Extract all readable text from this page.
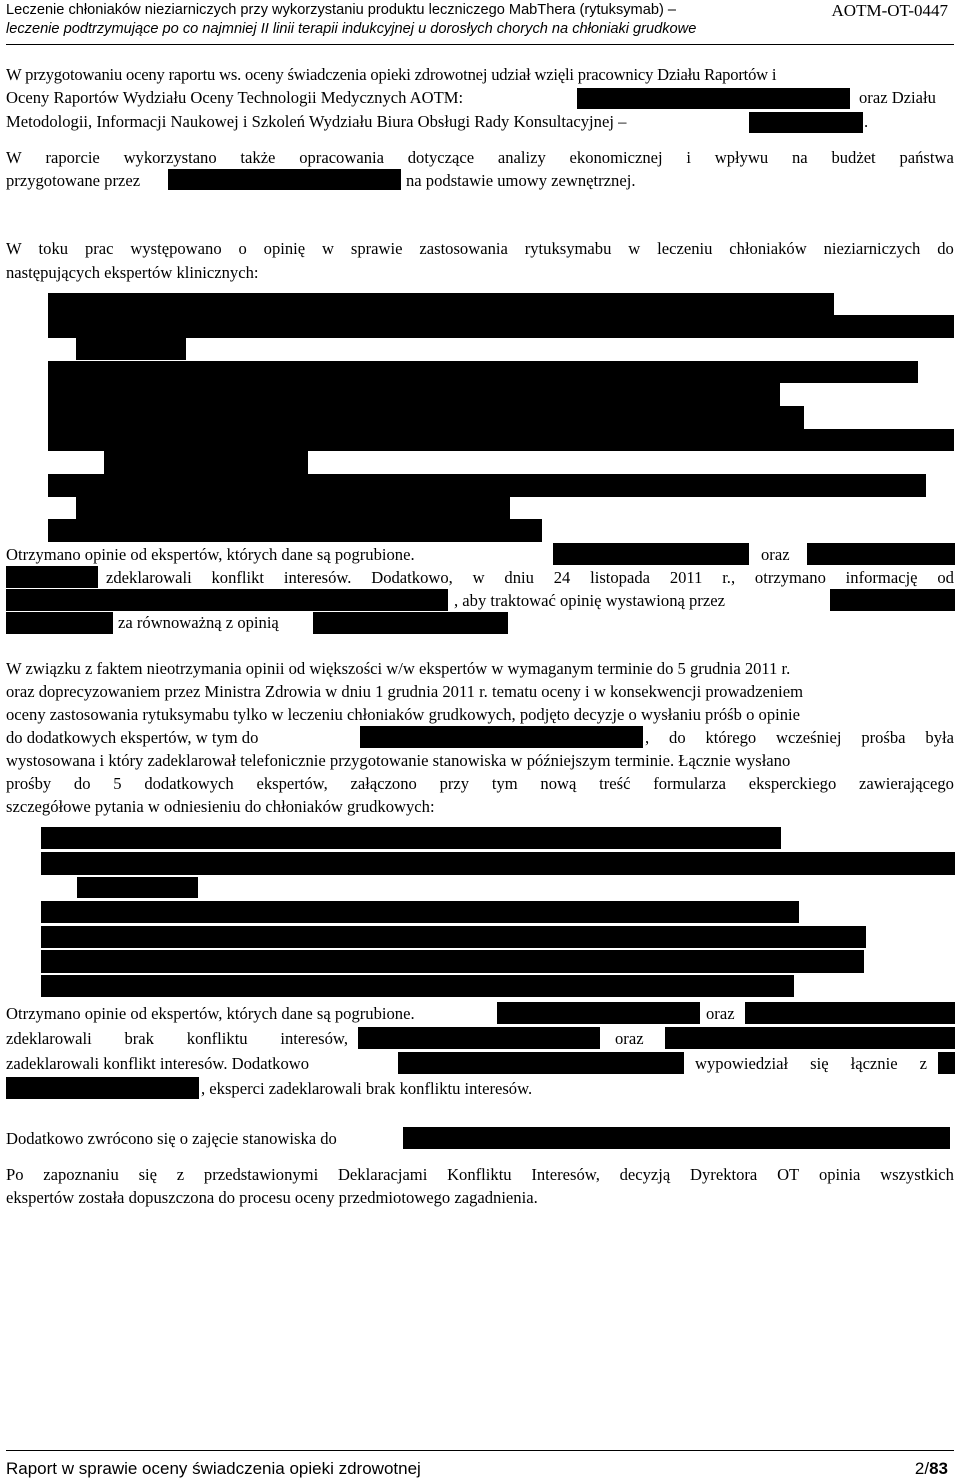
Leczenie chłoniaków nieziarniczych przy wykorzystaniu produktu leczniczego MabThera (rytuksymab) –
leczenie podtrzymujące po co najmniej II linii terapii indukcyjnej u dorosłych chorych na chłoniaki grudkowe
AOTM-OT-0447
W przygotowaniu oceny raportu ws. oceny świadczenia opieki zdrowotnej udział wzięli pracownicy Działu Raportów i
Oceny Raportów Wydziału Oceny Technologii Medycznych AOTM:	oraz Działu
Metodologii, Informacji Naukowej i Szkoleń Wydziału Biura Obsługi Rady Konsultacyjnej –	.
W raporcie wykorzystano także opracowania dotyczące analizy ekonomicznej i wpływu na budżet państwa
przygotowane przez	na podstawie umowy zewnętrznej.
W toku prac występowano o opinię w sprawie zastosowania rytuksymabu w leczeniu chłoniaków nieziarniczych do
następujących ekspertów klinicznych:
Otrzymano opinie od ekspertów, których dane są pogrubione.	oraz
zdeklarowali konflikt interesów. Dodatkowo, w dniu 24 listopada 2011 r., otrzymano informację od
, aby traktować opinię wystawioną przez
za równoważną z opinią
W związku z faktem nieotrzymania opinii od większości w/w ekspertów w wymaganym terminie do 5 grudnia 2011 r.
oraz doprecyzowaniem przez Ministra Zdrowia w dniu 1 grudnia 2011 r. tematu oceny i w konsekwencji prowadzeniem
oceny zastosowania rytuksymabu tylko w leczeniu chłoniaków grudkowych, podjęto decyzje o wysłaniu próśb o opinie
do dodatkowych ekspertów, w tym do	, do którego wcześniej prośba była
wystosowana i który zadeklarował telefonicznie przygotowanie stanowiska w późniejszym terminie. Łącznie wysłano
prośby do 5 dodatkowych ekspertów, załączono przy tym nową treść formularza eksperckiego zawierającego
szczegółowe pytania w odniesieniu do chłoniaków grudkowych:
Otrzymano opinie od ekspertów, których dane są pogrubione.	oraz
zdeklarowali brak konfliktu interesów,	oraz
zadeklarowali konflikt interesów. Dodatkowo	wypowiedział się łącznie z
, eksperci zadeklarowali brak konfliktu interesów.
Dodatkowo zwrócono się o zajęcie stanowiska do
Po zapoznaniu się z przedstawionymi Deklaracjami Konfliktu Interesów, decyzją Dyrektora OT opinia wszystkich
ekspertów została dopuszczona do procesu oceny przedmiotowego zagadnienia.
Raport w sprawie oceny świadczenia opieki zdrowotnej	2/83
